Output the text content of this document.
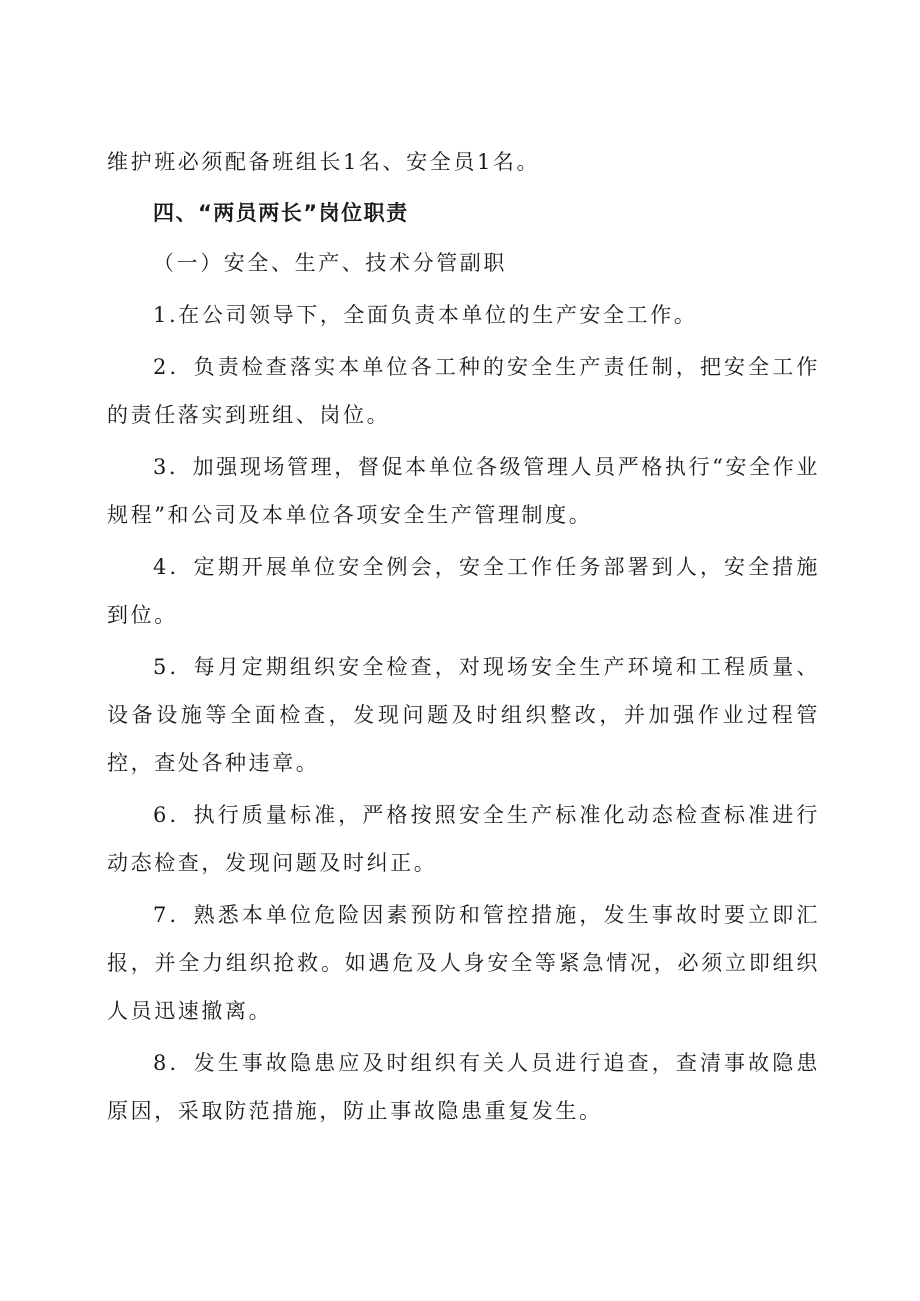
维护班必须配备班组长1名、安全员1名。

四、“两员两长”岗位职责

（一）安全、生产、技术分管副职

1.在公司领导下，全面负责本单位的生产安全工作。

2．负责检查落实本单位各工种的安全生产责任制，把安全工作的责任落实到班组、岗位。

3．加强现场管理，督促本单位各级管理人员严格执行“安全作业规程”和公司及本单位各项安全生产管理制度。

4．定期开展单位安全例会，安全工作任务部署到人，安全措施到位。

5．每月定期组织安全检查，对现场安全生产环境和工程质量、设备设施等全面检查，发现问题及时组织整改，并加强作业过程管控，查处各种违章。

6．执行质量标准，严格按照安全生产标准化动态检查标准进行动态检查，发现问题及时纠正。

7．熟悉本单位危险因素预防和管控措施，发生事故时要立即汇报，并全力组织抢救。如遇危及人身安全等紧急情况，必须立即组织人员迅速撤离。

8．发生事故隐患应及时组织有关人员进行追查，查清事故隐患原因，采取防范措施，防止事故隐患重复发生。
